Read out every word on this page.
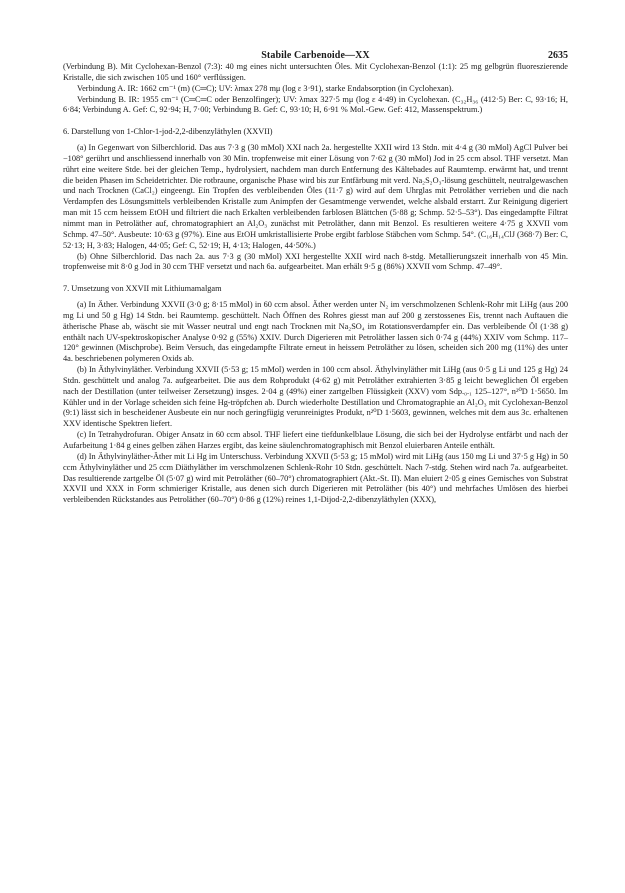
Stabile Carbenoide—XX	2635

(Verbindung B). Mit Cyclohexan-Benzol (7:3): 40 mg eines nicht untersuchten Öles. Mit Cyclohexan-Benzol (1:1): 25 mg gelbgrün fluoreszierende Kristalle, die sich zwischen 105 und 160° verflüssigen.

Verbindung A. IR: 1662 cm⁻¹ (m) (C═C); UV: λmax 278 mμ (log ε 3·91), starke Endabsorption (in Cyclohexan).

Verbindung B. IR: 1955 cm⁻¹ (C═C═C oder Benzolfinger); UV: λmax 327·5 mμ (log ε 4·49) in Cyclohexan. (C₃₂H₃₆ (412·5) Ber: C, 93·16; H, 6·84; Verbindung A. Gef: C, 92·94; H, 7·00; Verbindung B. Gef: C, 93·10; H, 6·91 % Mol.-Gew. Gef: 412, Massenspektrum.)

6. Darstellung von 1-Chlor-1-jod-2,2-dibenzyläthylen (XXVII)

(a) In Gegenwart von Silberchlorid. Das aus 7·3 g (30 mMol) XXI nach 2a. hergestellte XXII wird 13 Stdn. mit 4·4 g (30 mMol) AgCl Pulver bei −108° gerührt und anschliessend innerhalb von 30 Min. tropfenweise mit einer Lösung von 7·62 g (30 mMol) Jod in 25 ccm absol. THF versetzt. Man rührt eine weitere Stde. bei der gleichen Temp., hydrolysiert, nachdem man durch Entfernung des Kältebades auf Raumtemp. erwärmt hat, und trennt die beiden Phasen im Scheidetrichter. Die rotbraune, organische Phase wird bis zur Entfärbung mit verd. Na₂S₂O₃-lösung geschüttelt, neutralgewaschen und nach Trocknen (CaCl₂) eingeengt. Ein Tropfen des verbleibenden Öles (11·7 g) wird auf dem Uhrglas mit Petroläther verrieben und die nach Verdampfen des Lösungsmittels verbleibenden Kristalle zum Animpfen der Gesamtmenge verwendet, welche alsbald erstarrt. Zur Reinigung digeriert man mit 15 ccm heissem EtOH und filtriert die nach Erkalten verbleibenden farblosen Blättchen (5·88 g; Schmp. 52·5–53°). Das eingedampfte Filtrat nimmt man in Petroläther auf, chromatographiert an Al₂O₃ zunächst mit Petroläther, dann mit Benzol. Es resultieren weitere 4·75 g XXVII vom Schmp. 47–50°. Ausbeute: 10·63 g (97%). Eine aus EtOH umkristallisierte Probe ergibt farblose Stäbchen vom Schmp. 54°. (C₁₆H₁₄ClJ (368·7) Ber: C, 52·13; H, 3·83; Halogen, 44·05; Gef: C, 52·19; H, 4·13; Halogen, 44·50%.)

(b) Ohne Silberchlorid. Das nach 2a. aus 7·3 g (30 mMol) XXI hergestellte XXII wird nach 8-stdg. Metallierungszeit innerhalb von 45 Min. tropfenweise mit 8·0 g Jod in 30 ccm THF versetzt und nach 6a. aufgearbeitet. Man erhält 9·5 g (86%) XXVII vom Schmp. 47–49°.

7. Umsetzung von XXVII mit Lithiumamalgam

(a) In Äther. Verbindung XXVII (3·0 g; 8·15 mMol) in 60 ccm absol. Äther werden unter N₂ im verschmolzenen Schlenk-Rohr mit LiHg (aus 200 mg Li und 50 g Hg) 14 Stdn. bei Raumtemp. geschüttelt. Nach Öffnen des Rohres giesst man auf 200 g zerstossenes Eis, trennt nach Auftauen die ätherische Phase ab, wäscht sie mit Wasser neutral und engt nach Trocknen mit Na₂SO₄ im Rotationsverdampfer ein. Das verbleibende Öl (1·38 g) enthält nach UV-spektroskopischer Analyse 0·92 g (55%) XXIV. Durch Digerieren mit Petroläther lassen sich 0·74 g (44%) XXIV vom Schmp. 117–120° gewinnen (Mischprobe). Beim Versuch, das eingedampfte Filtrate erneut in heissem Petroläther zu lösen, scheiden sich 200 mg (11%) des unter 4a. beschriebenen polymeren Oxids ab.

(b) In Äthylvinyläther. Verbindung XXVII (5·53 g; 15 mMol) werden in 100 ccm absol. Äthylvinyläther mit LiHg (aus 0·5 g Li und 125 g Hg) 24 Stdn. geschüttelt und analog 7a. aufgearbeitet. Die aus dem Rohprodukt (4·62 g) mit Petroläther extrahierten 3·85 g leicht beweglichen Öl ergeben nach der Destillation (unter teilweiser Zersetzung) insges. 2·04 g (49%) einer zartgelben Flüssigkeit (XXV) vom Sdp.₀.₁ 125–127°, n²⁰D 1·5650. Im Kühler und in der Vorlage scheiden sich feine Hg-tröpfchen ab. Durch wiederholte Destillation und Chromatographie an Al₂O₃ mit Cyclohexan-Benzol (9:1) lässt sich in bescheidener Ausbeute ein nur noch geringfügig verunreinigtes Produkt, n²⁰D 1·5603, gewinnen, welches mit dem aus 3c. erhaltenen XXV identische Spektren liefert.

(c) In Tetrahydrofuran. Obiger Ansatz in 60 ccm absol. THF liefert eine tiefdunkelblaue Lösung, die sich bei der Hydrolyse entfärbt und nach der Aufarbeitung 1·84 g eines gelben zähen Harzes ergibt, das keine säulenchromatographisch mit Benzol eluierbaren Anteile enthält.

(d) In Äthylvinyläther-Äther mit Li Hg im Unterschuss. Verbindung XXVII (5·53 g; 15 mMol) wird mit LiHg (aus 150 mg Li und 37·5 g Hg) in 50 ccm Äthylvinyläther und 25 ccm Diäthyläther im verschmolzenen Schlenk-Rohr 10 Stdn. geschüttelt. Nach 7-stdg. Stehen wird nach 7a. aufgearbeitet. Das resultierende zartgelbe Öl (5·07 g) wird mit Petroläther (60–70°) chromatographiert (Akt.-St. II). Man eluiert 2·05 g eines Gemisches von Substrat XXVII und XXX in Form schmieriger Kristalle, aus denen sich durch Digerieren mit Petroläther (bis 40°) und mehrfaches Umlösen des hierbei verbleibenden Rückstandes aus Petroläther (60–70°) 0·86 g (12%) reines 1,1-Dijod-2,2-dibenzyläthylen (XXX),
